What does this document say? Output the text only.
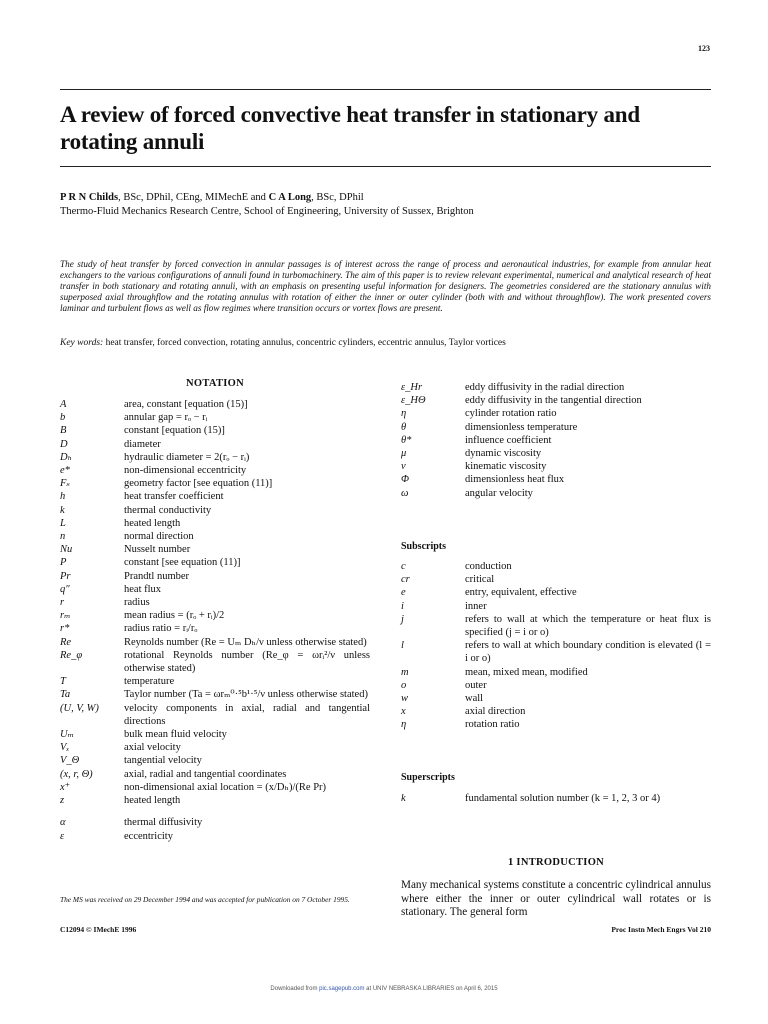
123
A review of forced convective heat transfer in stationary and rotating annuli
P R N Childs, BSc, DPhil, CEng, MIMechE and C A Long, BSc, DPhil
Thermo-Fluid Mechanics Research Centre, School of Engineering, University of Sussex, Brighton
The study of heat transfer by forced convection in annular passages is of interest across the range of process and aeronautical industries, for example from annular heat exchangers to the various configurations of annuli found in turbomachinery. The aim of this paper is to review relevant experimental, numerical and analytical research of heat transfer in both stationary and rotating annuli, with an emphasis on presenting useful information for designers. The geometries considered are the stationary annulus with superposed axial throughflow and the rotating annulus with rotation of either the inner or outer cylinder (both with and without throughflow). The work presented covers laminar and turbulent flows as well as flow regimes where transition occurs or vortex flows are present.
Key words: heat transfer, forced convection, rotating annulus, concentric cylinders, eccentric annulus, Taylor vortices
NOTATION
A	area, constant [equation (15)]
b	annular gap = rₒ − rᵢ
B	constant [equation (15)]
D	diameter
Dₕ	hydraulic diameter = 2(rₒ − rᵢ)
e*	non-dimensional eccentricity
Fₛ	geometry factor [see equation (11)]
h	heat transfer coefficient
k	thermal conductivity
L	heated length
n	normal direction
Nu	Nusselt number
P	constant [see equation (11)]
Pr	Prandtl number
q″	heat flux
r	radius
rₘ	mean radius = (rₒ + rᵢ)/2
r*	radius ratio = rᵢ/rₒ
Re	Reynolds number (Re = Uₘ Dₕ/ν unless otherwise stated)
Re_φ	rotational Reynolds number (Re_φ = ωrᵢ²/ν unless otherwise stated)
T	temperature
Ta	Taylor number (Ta = ωrₘ⁰·⁵b¹·⁵/ν unless otherwise stated)
(U, V, W) velocity components in axial, radial and tangential directions
Uₘ	bulk mean fluid velocity
Vₓ	axial velocity
V_Θ	tangential velocity
(x, r, Θ)	axial, radial and tangential coordinates
x⁺	non-dimensional axial location = (x/Dₕ)/(Re Pr)
z	heated length
α	thermal diffusivity
ε	eccentricity
ε_Hr	eddy diffusivity in the radial direction
ε_HΘ	eddy diffusivity in the tangential direction
η	cylinder rotation ratio
θ	dimensionless temperature
θ*	influence coefficient
μ	dynamic viscosity
ν	kinematic viscosity
Φ	dimensionless heat flux
ω	angular velocity
Subscripts
c	conduction
cr	critical
e	entry, equivalent, effective
i	inner
j	refers to wall at which the temperature or heat flux is specified (j = i or o)
l	refers to wall at which boundary condition is elevated (l = i or o)
m	mean, mixed mean, modified
o	outer
w	wall
x	axial direction
η	rotation ratio
Superscripts
k	fundamental solution number (k = 1, 2, 3 or 4)
1 INTRODUCTION
Many mechanical systems constitute a concentric cylindrical annulus where either the inner or outer cylindrical wall rotates or is stationary. The general form
The MS was received on 29 December 1994 and was accepted for publication on 7 October 1995.
C12094 © IMechE 1996	Proc Instn Mech Engrs Vol 210
Downloaded from pic.sagepub.com at UNIV NEBRASKA LIBRARIES on April 6, 2015
